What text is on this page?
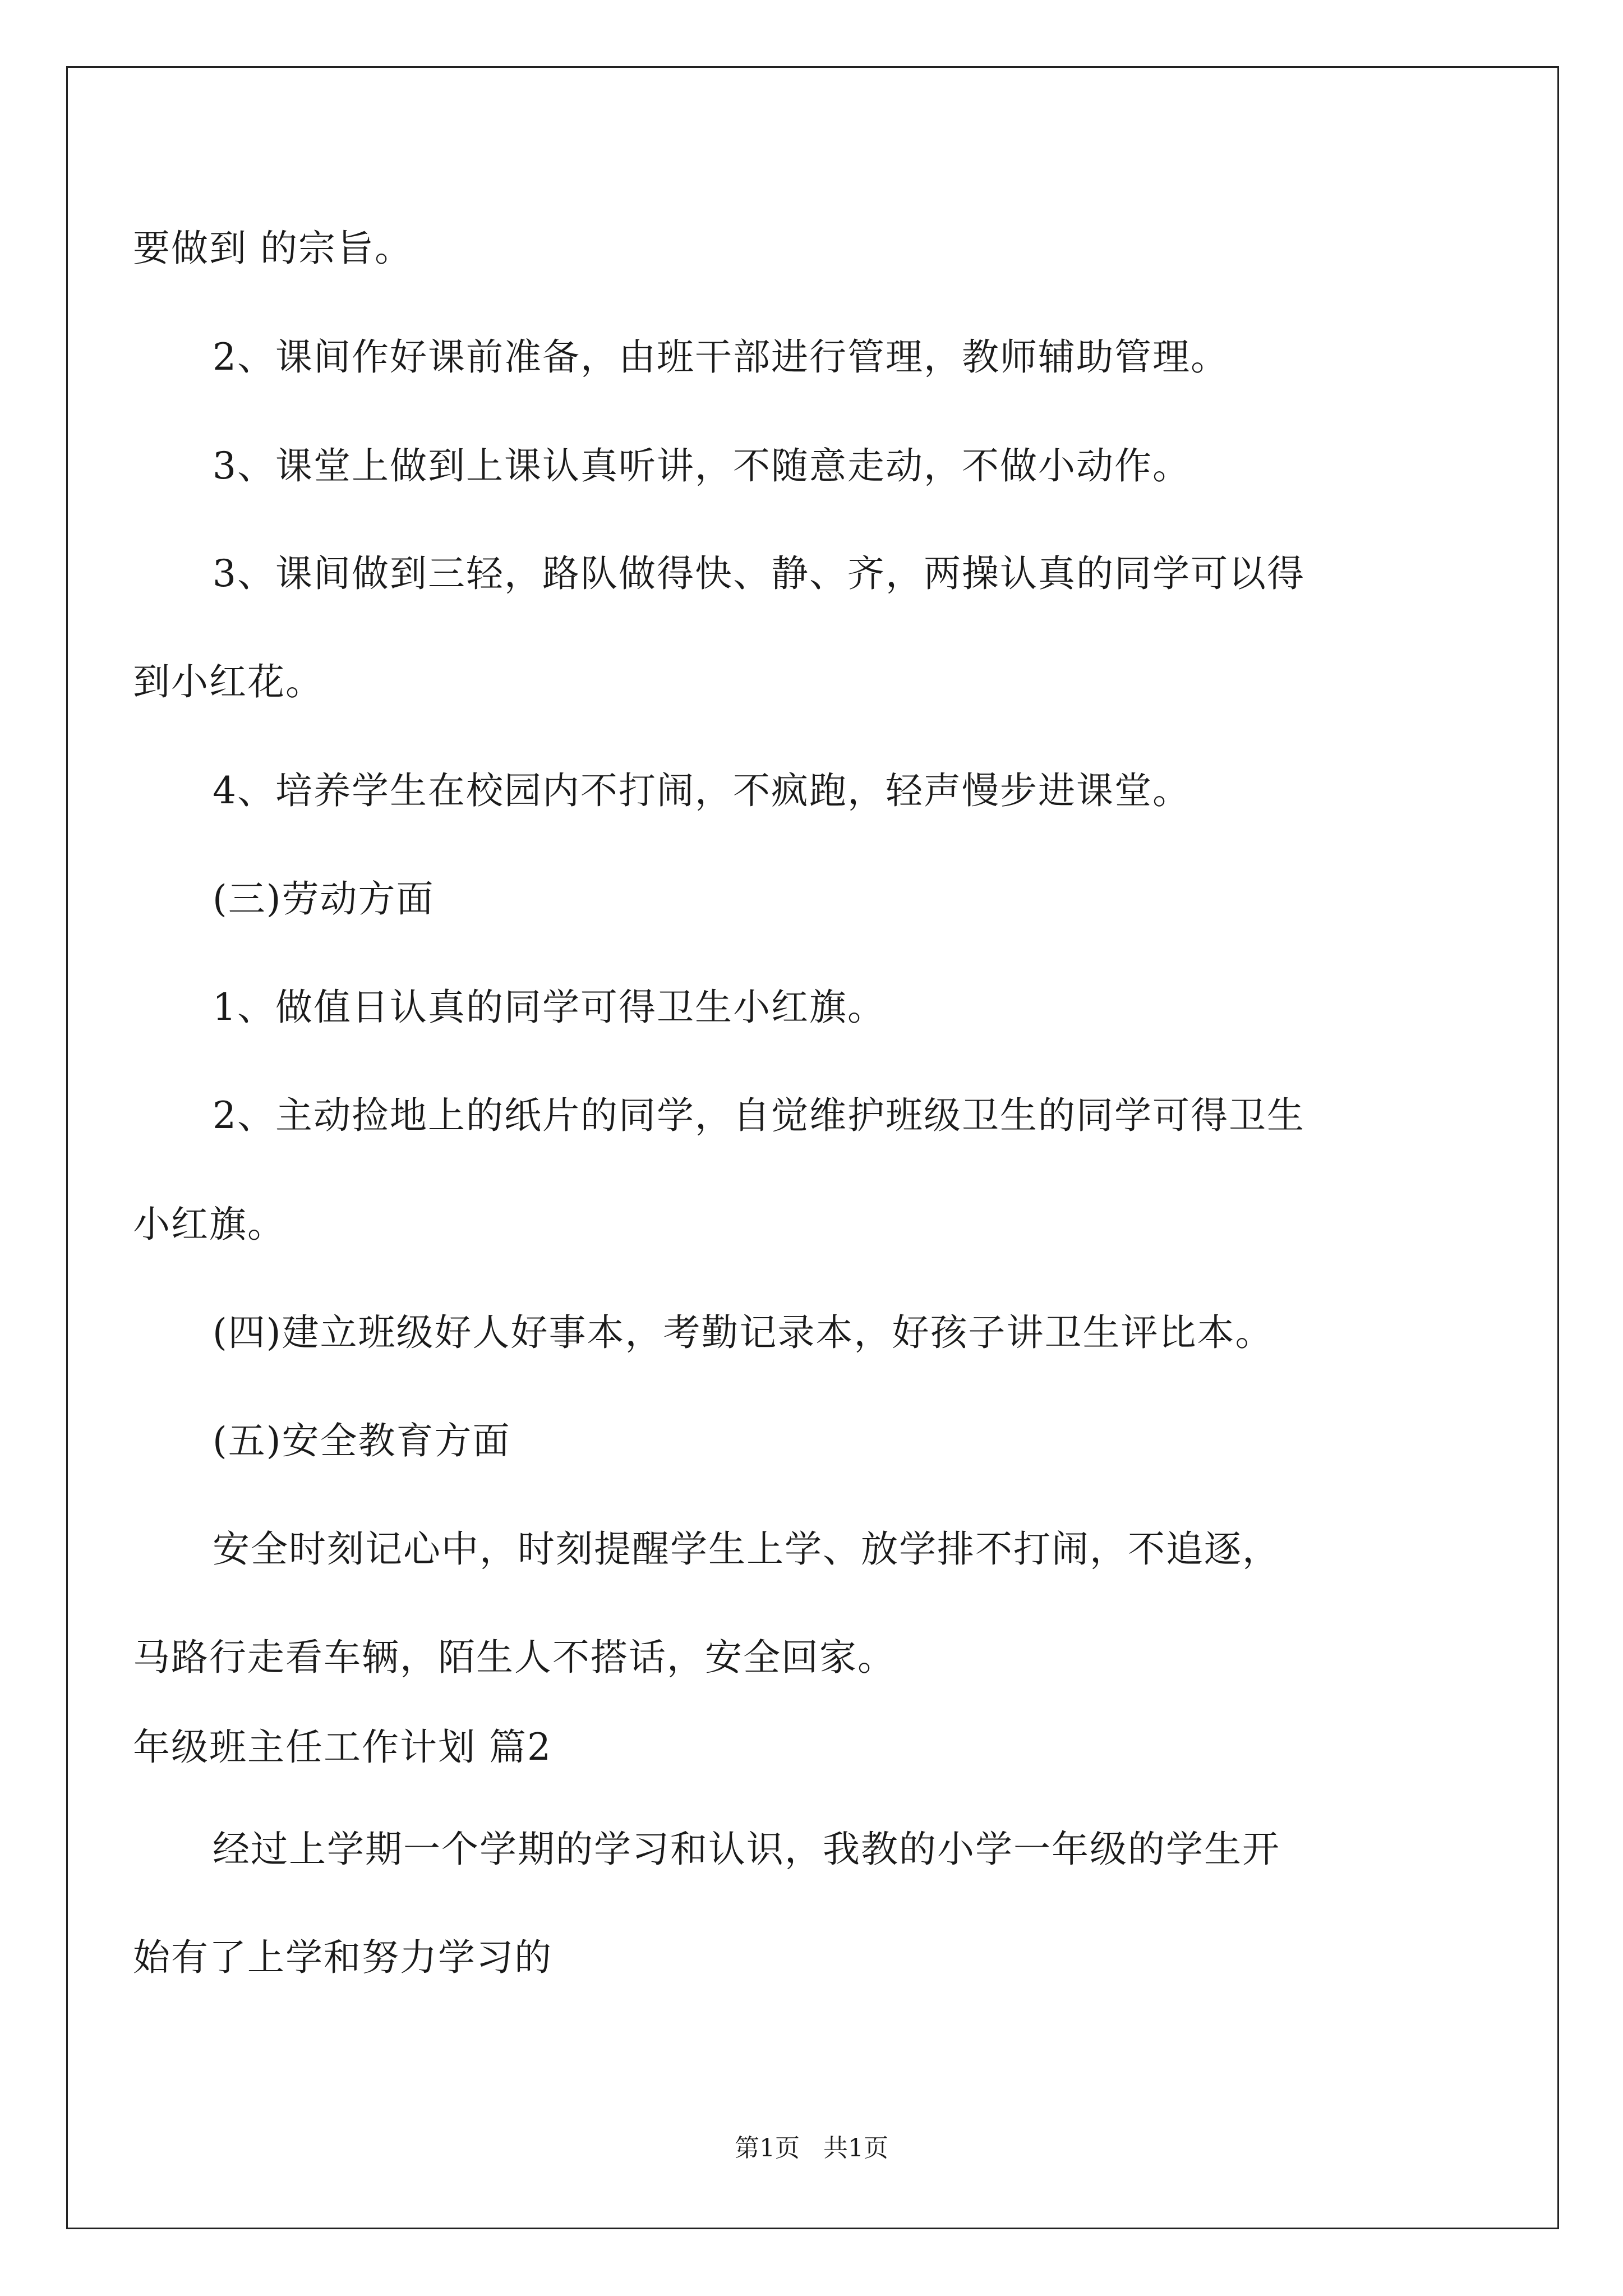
要做到 的宗旨。
2、课间作好课前准备，由班干部进行管理，教师辅助管理。
3、课堂上做到上课认真听讲，不随意走动，不做小动作。
3、课间做到三轻，路队做得快、静、齐，两操认真的同学可以得
到小红花。
4、培养学生在校园内不打闹，不疯跑，轻声慢步进课堂。
(三)劳动方面
1、做值日认真的同学可得卫生小红旗。
2、主动捡地上的纸片的同学，自觉维护班级卫生的同学可得卫生
小红旗。
(四)建立班级好人好事本，考勤记录本，好孩子讲卫生评比本。
(五)安全教育方面
安全时刻记心中，时刻提醒学生上学、放学排不打闹，不追逐，
马路行走看车辆，陌生人不搭话，安全回家。
年级班主任工作计划 篇2
经过上学期一个学期的学习和认识，我教的小学一年级的学生开
始有了上学和努力学习的
第1页   共1页
